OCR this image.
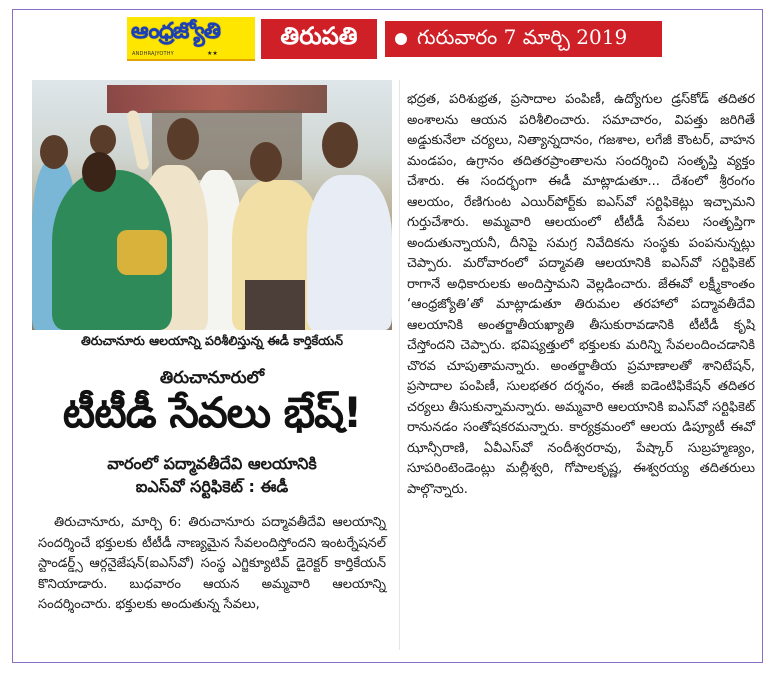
ఆంధ్రజ్యోతి
ANDHRAJYOTHY	★★
తిరుపతి	గురువారం 7 మార్చి 2019
తిరుచానూరు ఆలయాన్ని పరిశీలిస్తున్న ఈడీ కార్తికేయన్
తిరుచానూరులో
టీటీడీ సేవలు భేష్!
వారంలో పద్మావతీదేవి ఆలయానికి
ఐఎస్‌వో సర్టిఫికెట్ : ఈడీ

తిరుచానూరు, మార్చి 6: తిరుచానూరు పద్మావతీదేవి ఆలయాన్ని సందర్శించే భక్తులకు టీటీడీ నాణ్యమైన సేవలందిస్తోందని ఇంటర్నేషనల్ స్టాండర్డ్స్ ఆర్గనైజేషన్(ఐఎస్‌వో) సంస్థ ఎగ్జిక్యూటివ్ డైరెక్టర్ కార్తికేయన్ కొనియాడారు. బుధవారం ఆయన అమ్మవారి ఆలయాన్ని సందర్శించారు. భక్తులకు అందుతున్న సేవలు,

భద్రత, పరిశుభ్రత, ప్రసాదాల పంపిణీ, ఉద్యోగుల డ్రస్‌కోడ్ తదితర అంశాలను ఆయన పరిశీలించారు. సమాచారం, విపత్తు జరిగితే అడ్డుకునేలా చర్యలు, నిత్యాన్నదానం, గజశాల, లగేజీ కౌంటర్, వాహన మండపం, ఉగ్రానం తదితరప్రాంతాలను సందర్శించి సంతృప్తి వ్యక్తం చేశారు. ఈ సందర్భంగా ఈడీ మాట్లాడుతూ... దేశంలో శ్రీరంగం ఆలయం, రేణిగుంట ఎయిర్‌పోర్ట్‌కు ఐఎస్‌వో సర్టిఫికెట్లు ఇచ్చామని గుర్తుచేశారు. అమ్మవారి ఆలయంలో టీటీడీ సేవలు సంతృప్తిగా అందుతున్నాయనీ, దీనిపై సమగ్ర నివేదికను సంస్థకు పంపనున్నట్లు చెప్పారు. మరోవారంలో పద్మావతి ఆలయానికి ఐఎస్‌వో సర్టిఫికెట్ రాగానే అధికారులకు అందిస్తామని వెల్లడించారు. జేఈవో లక్ష్మీకాంతం ‘ఆంధ్రజ్యోతి’తో మాట్లాడుతూ తిరుమల తరహాలో పద్మావతీదేవి ఆలయానికి అంతర్జాతీయఖ్యాతి తీసుకురావడానికి టీటీడీ కృషి చేస్తోందని చెప్పారు. భవిష్యత్తులో భక్తులకు మరిన్ని సేవలందించడానికి చొరవ చూపుతామన్నారు. అంతర్జాతీయ ప్రమాణాలతో శానిటేషన్, ప్రసాదాల పంపిణీ, సులభతర దర్శనం, ఈజీ ఐడెంటిఫికేషన్ తదితర చర్యలు తీసుకున్నామన్నారు. అమ్మవారి ఆలయానికి ఐఎస్‌వో సర్టిఫికెట్ రానునడం సంతోషకరమన్నారు. కార్యక్రమంలో ఆలయ డిప్యూటీ ఈవో ఝాన్సీరాణి, ఏవీఎస్‌వో నందీశ్వరరావు, పేష్కార్ సుబ్రహ్మణ్యం, సూపరింటెండెంట్లు మల్లీశ్వరి, గోపాలకృష్ణ, ఈశ్వరయ్య తదితరులు పాల్గొన్నారు.
